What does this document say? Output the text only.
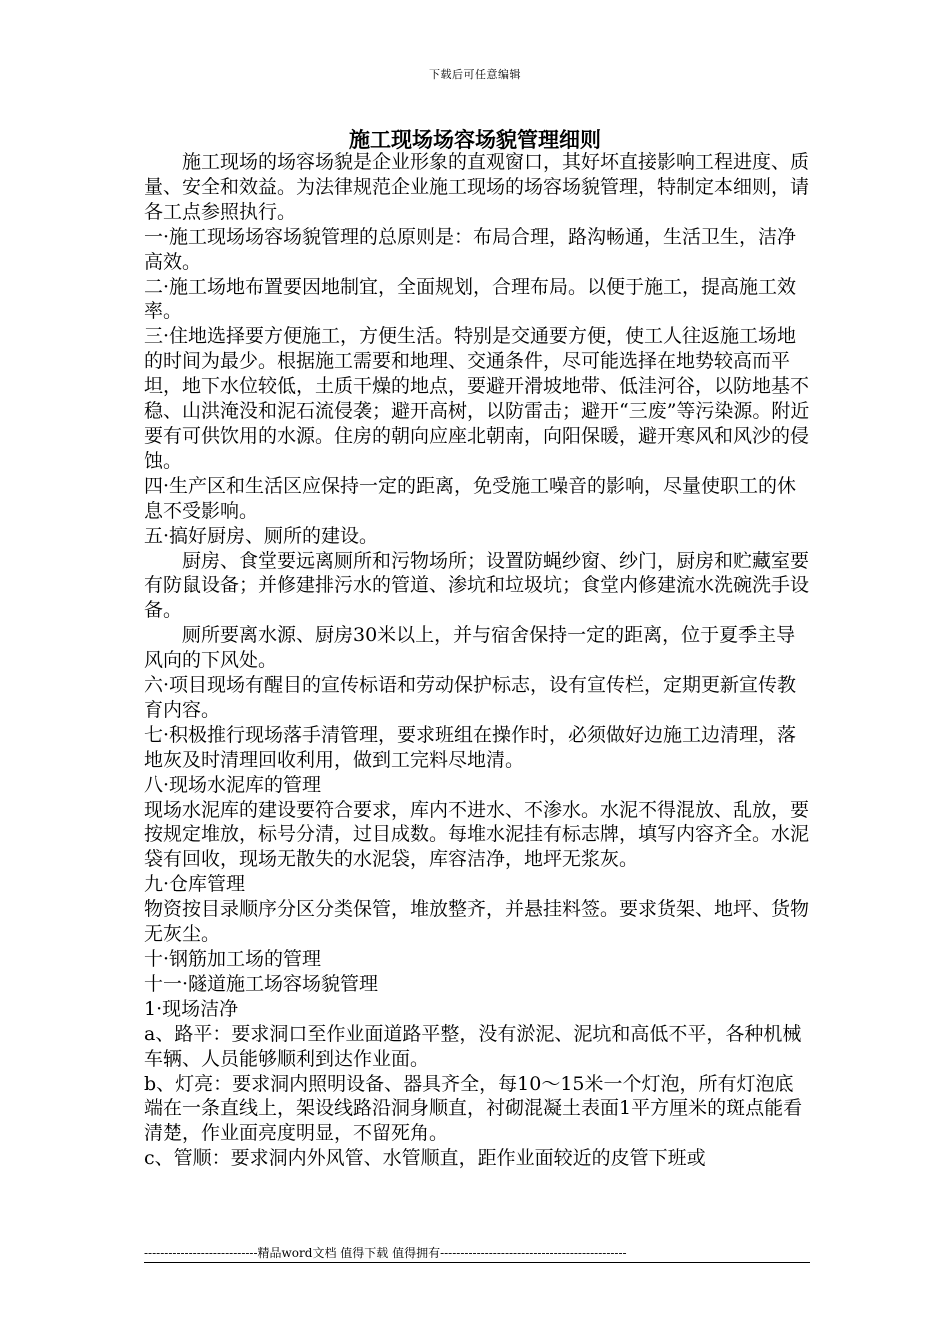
下载后可任意编辑
施工现场场容场貌管理细则

施工现场的场容场貌是企业形象的直观窗口，其好坏直接影响工程进度、质量、安全和效益。为法律规范企业施工现场的场容场貌管理，特制定本细则，请各工点参照执行。

一·施工现场场容场貌管理的总原则是：布局合理，路沟畅通，生活卫生，洁净高效。

二·施工场地布置要因地制宜，全面规划，合理布局。以便于施工，提高施工效率。

三·住地选择要方便施工，方便生活。特别是交通要方便，使工人往返施工场地的时间为最少。根据施工需要和地理、交通条件，尽可能选择在地势较高而平坦，地下水位较低，土质干燥的地点，要避开滑坡地带、低洼河谷，以防地基不稳、山洪淹没和泥石流侵袭；避开高树，以防雷击；避开“三废”等污染源。附近要有可供饮用的水源。住房的朝向应座北朝南，向阳保暖，避开寒风和风沙的侵蚀。

四·生产区和生活区应保持一定的距离，免受施工噪音的影响，尽量使职工的休息不受影响。

五·搞好厨房、厕所的建设。

厨房、食堂要远离厕所和污物场所；设置防蝇纱窗、纱门，厨房和贮藏室要有防鼠设备；并修建排污水的管道、渗坑和垃圾坑；食堂内修建流水洗碗洗手设备。

厕所要离水源、厨房30米以上，并与宿舍保持一定的距离，位于夏季主导风向的下风处。

六·项目现场有醒目的宣传标语和劳动保护标志，设有宣传栏，定期更新宣传教育内容。

七·积极推行现场落手清管理，要求班组在操作时，必须做好边施工边清理，落地灰及时清理回收利用，做到工完料尽地清。

八·现场水泥库的管理

现场水泥库的建设要符合要求，库内不进水、不渗水。水泥不得混放、乱放，要按规定堆放，标号分清，过目成数。每堆水泥挂有标志牌，填写内容齐全。水泥袋有回收，现场无散失的水泥袋，库容洁净，地坪无浆灰。

九·仓库管理

物资按目录顺序分区分类保管，堆放整齐，并悬挂料签。要求货架、地坪、货物无灰尘。

十·钢筋加工场的管理

十一·隧道施工场容场貌管理

1·现场洁净

a、路平：要求洞口至作业面道路平整，没有淤泥、泥坑和高低不平，各种机械车辆、人员能够顺利到达作业面。

b、灯亮：要求洞内照明设备、器具齐全，每10～15米一个灯泡，所有灯泡底端在一条直线上，架设线路沿洞身顺直，衬砌混凝土表面1平方厘米的斑点能看清楚，作业面亮度明显，不留死角。

c、管顺：要求洞内外风管、水管顺直，距作业面较近的皮管下班或

----------------------------精品word文档 值得下载 值得拥有----------------------------------------------
